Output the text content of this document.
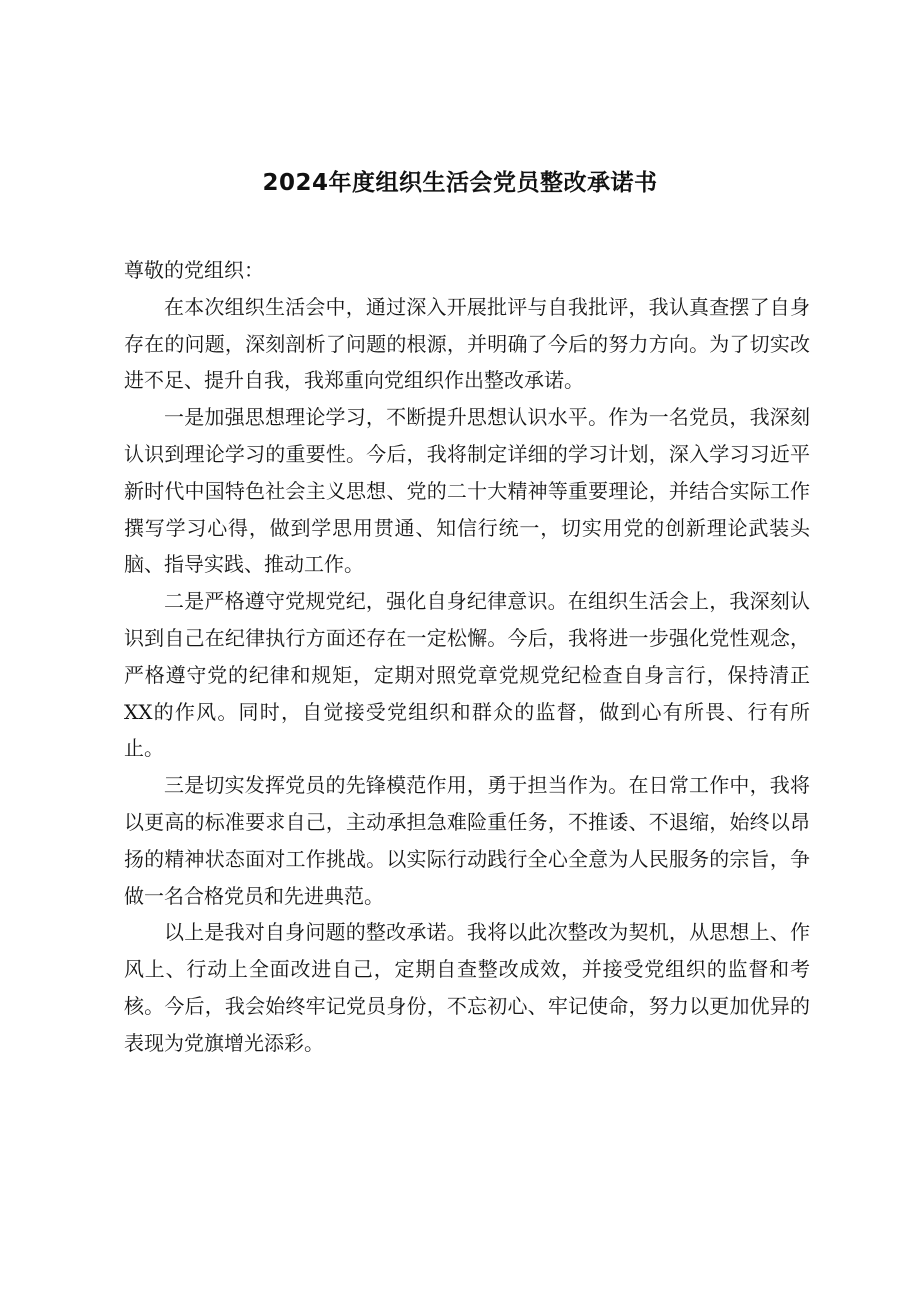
2024年度组织生活会党员整改承诺书

尊敬的党组织：

在本次组织生活会中，通过深入开展批评与自我批评，我认真查摆了自身存在的问题，深刻剖析了问题的根源，并明确了今后的努力方向。为了切实改进不足、提升自我，我郑重向党组织作出整改承诺。

一是加强思想理论学习，不断提升思想认识水平。作为一名党员，我深刻认识到理论学习的重要性。今后，我将制定详细的学习计划，深入学习习近平新时代中国特色社会主义思想、党的二十大精神等重要理论，并结合实际工作撰写学习心得，做到学思用贯通、知信行统一，切实用党的创新理论武装头脑、指导实践、推动工作。

二是严格遵守党规党纪，强化自身纪律意识。在组织生活会上，我深刻认识到自己在纪律执行方面还存在一定松懈。今后，我将进一步强化党性观念，严格遵守党的纪律和规矩，定期对照党章党规党纪检查自身言行，保持清正XX的作风。同时，自觉接受党组织和群众的监督，做到心有所畏、行有所止。

三是切实发挥党员的先锋模范作用，勇于担当作为。在日常工作中，我将以更高的标准要求自己，主动承担急难险重任务，不推诿、不退缩，始终以昂扬的精神状态面对工作挑战。以实际行动践行全心全意为人民服务的宗旨，争做一名合格党员和先进典范。

以上是我对自身问题的整改承诺。我将以此次整改为契机，从思想上、作风上、行动上全面改进自己，定期自查整改成效，并接受党组织的监督和考核。今后，我会始终牢记党员身份，不忘初心、牢记使命，努力以更加优异的表现为党旗增光添彩。
